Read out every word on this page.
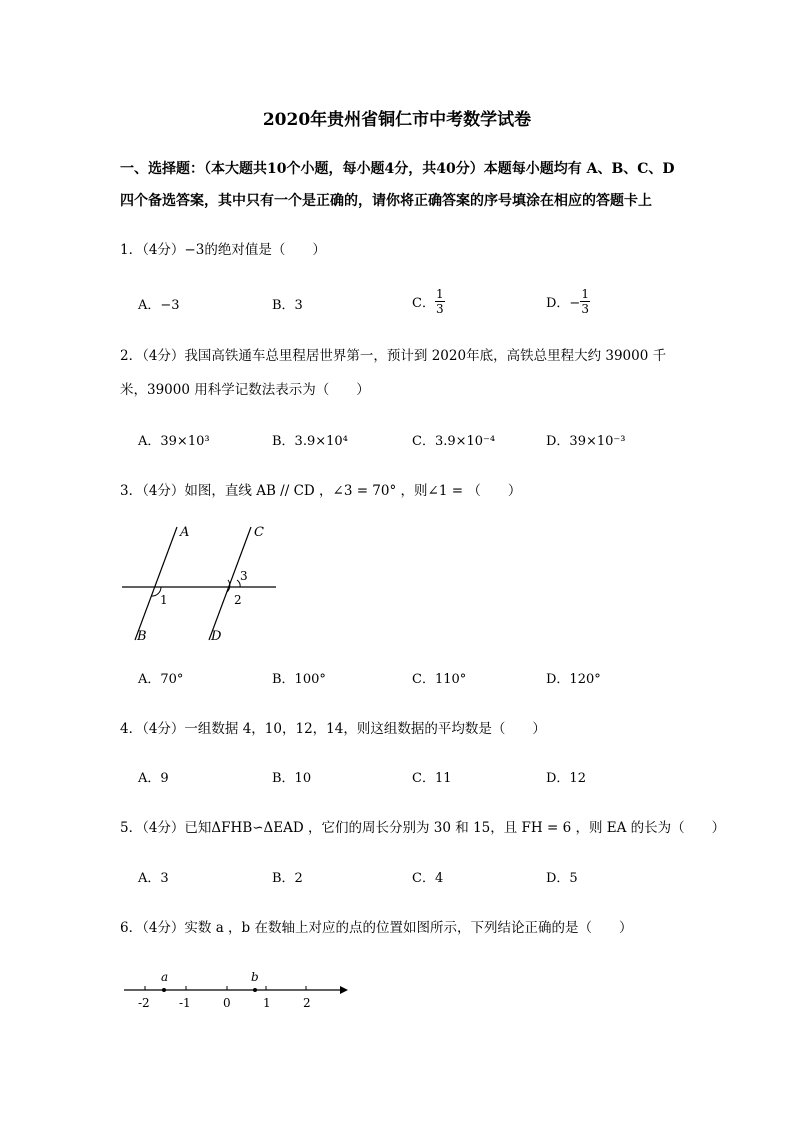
2020年贵州省铜仁市中考数学试卷
一、选择题：（本大题共10个小题，每小题4分，共40分）本题每小题均有 A、B、C、D
四个备选答案，其中只有一个是正确的，请你将正确答案的序号填涂在相应的答题卡上
1．（4分）−3的绝对值是（　　）
A．−3	B．3	C． $\frac{1}{3}$	D．− $\frac{1}{3}$
2．（4分）我国高铁通车总里程居世界第一，预计到 2020年底，高铁总里程大约 39000 千
米，39000 用科学记数法表示为（　　）
A．39×10³	B．3.9×10⁴	C．3.9×10⁻⁴	D．39×10⁻³
3．（4分）如图，直线 AB // CD ，∠3 = 70° ，则∠1 = （　　）
A	C
B	D
1	2
3
A．70°	B．100°	C．110°	D．120°
4．（4分）一组数据 4，10，12，14，则这组数据的平均数是（　　）
A．9	B．10	C．11	D．12
5．（4分）已知ΔFHB∽ΔEAD ，它们的周长分别为 30 和 15，且 FH = 6 ，则 EA 的长为（　　）
A．3	B．2	C．4	D．5
6．（4分）实数 a ，b 在数轴上对应的点的位置如图所示，下列结论正确的是（　　）
a	b
-2 -1	0	1	2
